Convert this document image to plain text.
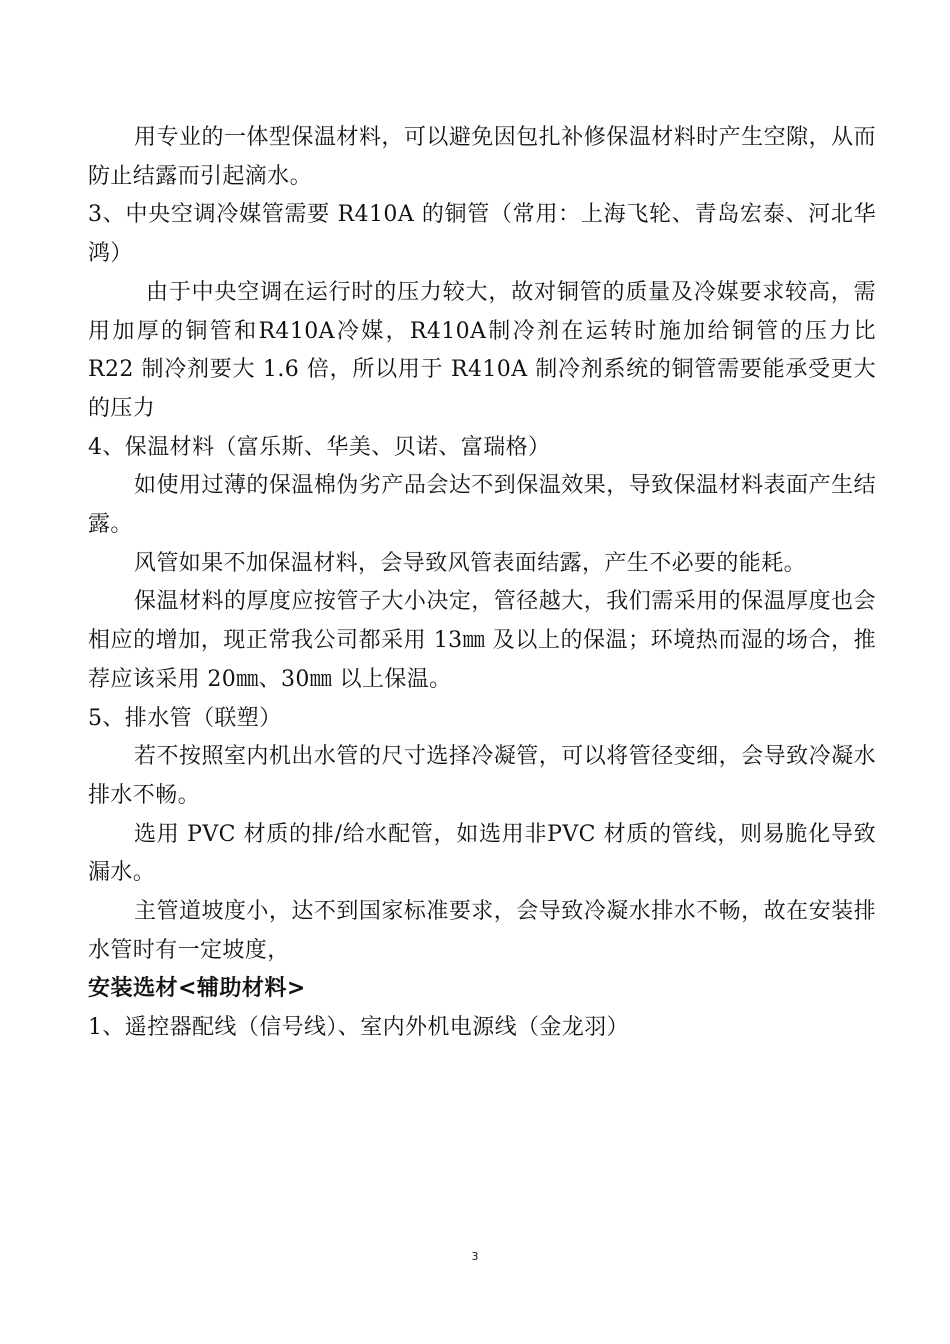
用专业的一体型保温材料，可以避免因包扎补修保温材料时产生空隙，从而防止结露而引起滴水。

3、中央空调冷媒管需要 R410A 的铜管（常用：上海飞轮、青岛宏泰、河北华鸿）

由于中央空调在运行时的压力较大，故对铜管的质量及冷媒要求较高，需用加厚的铜管和R410A冷媒，R410A制冷剂在运转时施加给铜管的压力比 R22 制冷剂要大 1.6 倍，所以用于 R410A 制冷剂系统的铜管需要能承受更大的压力

4、保温材料（富乐斯、华美、贝诺、富瑞格）

如使用过薄的保温棉伪劣产品会达不到保温效果，导致保温材料表面产生结露。

风管如果不加保温材料，会导致风管表面结露，产生不必要的能耗。

保温材料的厚度应按管子大小决定，管径越大，我们需采用的保温厚度也会相应的增加，现正常我公司都采用 13㎜ 及以上的保温；环境热而湿的场合，推荐应该采用 20㎜、30㎜ 以上保温。

5、排水管（联塑）

若不按照室内机出水管的尺寸选择冷凝管，可以将管径变细，会导致冷凝水排水不畅。

选用 PVC 材质的排/给水配管，如选用非PVC 材质的管线，则易脆化导致漏水。

主管道坡度小，达不到国家标准要求，会导致冷凝水排水不畅，故在安装排水管时有一定坡度，

安装选材<辅助材料>

1、遥控器配线（信号线）、室内外机电源线（金龙羽）

3
